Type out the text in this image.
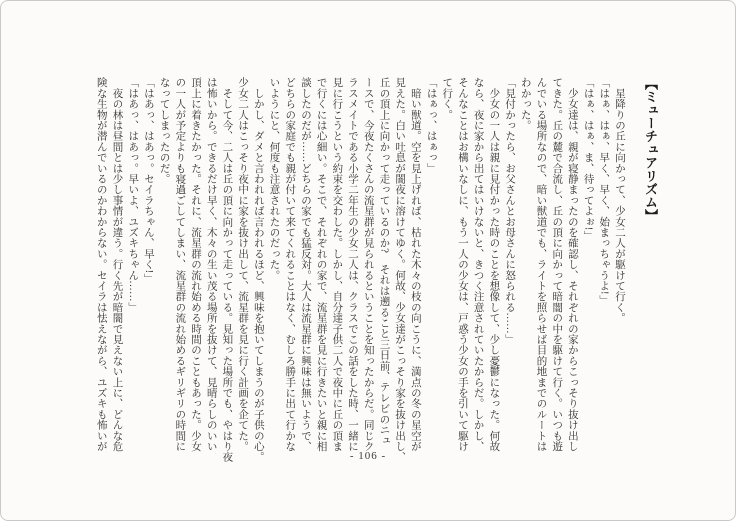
【ミューチュアリズム】
　星降りの丘に向かって、少女二人が駆けて行く。
「はぁ、はぁ、早く、早く、始まっちゃうよ!」
「はぁ、はぁ、ま、待ってよぉ!」
　少女達は、親が寝静まったのを確認し、それぞれの家からこっそり抜け出し
てきた。丘の麓で合流し、丘の頂に向かって暗闇の中を駆けて行く。いつも遊
んでいる場所なので、暗い獣道でも、ライトを照らせば目的地までのルートは
わかった。
「見付かったら、お父さんとお母さんに怒られる……」
　少女の一人は親に見付かった時のことを想像して、少し憂鬱になった。何故
なら、夜に家から出てはいけないと、きつく注意されていたからだ。しかし、
そんなことはお構いなしに、もう一人の少女は、戸惑う少女の手を引いて駆け
て行く。
「はぁっ、はぁっ」
　暗い獣道。空を見上げれば、枯れた木々の枝の向こうに、満点の冬の星空が
見えた。白い吐息が闇夜に溶けてゆく。何故、少女達がこっそり家を抜け出し、
丘の頂上に向かって走っているのか?　それは遡ること三日前、テレビのニュ
ースで、今夜たくさんの流星群が見られるということを知ったからだ。同じク
ラスメイトである小学二年生の少女二人は、クラスでこの話をした時、一緒に
見に行こうという約束を交わした。しかし、自分達子供二人で夜中に丘の頂ま
で行くには心細い。そこで、それぞれの家で、流星群を見に行きたいと親に相
談したのだが……どちらの家でも猛反対。大人は流星群に興味は無いようで、
どちらの家庭でも親が付いて来てくれることはなく、むしろ勝手に出て行かな
いようにと、何度も注意されたのだった。
　しかし、ダメと言われれば言われるほど、興味を抱いてしまうのが子供の心。
少女二人はこっそり夜中に家を抜け出して、流星群を見に行く計画を企てた。
　そして今、二人は丘の頂に向かって走っている。見知った場所でも、やはり夜
は怖いから。できるだけ早く、木々の生い茂る場所を抜けて、見晴らしのいい
頂上に着きたかった。それに、流星群の流れ始める時間のこともあった。少女
の一人が予定よりも寝過ごしてしまい、流星群の流れ始めるギリギリの時間に
なってしまったのだ。
「はあっ、はあっ。セイラちゃん、早く!」
「はあっ、はあっ。早いよ、ユズキちゃん……」
　夜の林は昼間とは少し事情が違う。行く先が暗闇で見えない上に、どんな危
険な生物が潜んでいるのかわからない。セイラは怯えながら、ユズキも怖いが
- 106 -
